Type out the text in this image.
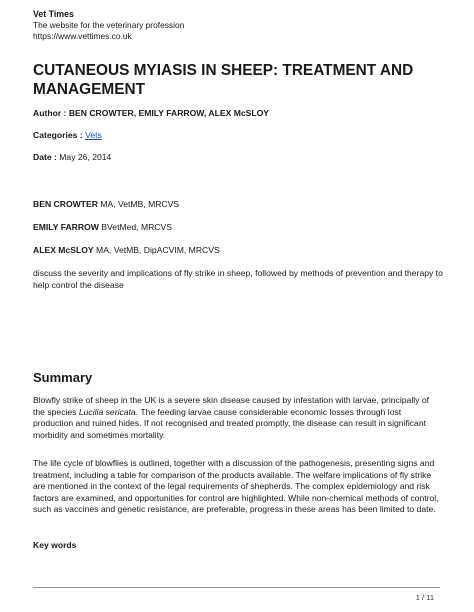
Vet Times
The website for the veterinary profession
https://www.vettimes.co.uk
CUTANEOUS MYIASIS IN SHEEP: TREATMENT AND MANAGEMENT
Author : BEN CROWTER, EMILY FARROW, ALEX McSLOY
Categories : Vets
Date : May 26, 2014
BEN CROWTER MA, VetMB, MRCVS
EMILY FARROW BVetMed, MRCVS
ALEX McSLOY MA, VetMB, DipACVIM, MRCVS

discuss the severity and implications of fly strike in sheep, followed by methods of prevention and therapy to help control the disease

Summary

Blowfly strike of sheep in the UK is a severe skin disease caused by infestation with larvae, principally of the species Lucilia sericata. The feeding larvae cause considerable economic losses through lost production and ruined hides. If not recognised and treated promptly, the disease can result in significant morbidity and sometimes mortality.

The life cycle of blowflies is outlined, together with a discussion of the pathogenesis, presenting signs and treatment, including a table for comparison of the products available. The welfare implications of fly strike are mentioned in the context of the legal requirements of shepherds. The complex epidemiology and risk factors are examined, and opportunities for control are highlighted. While non-chemical methods of control, such as vaccines and genetic resistance, are preferable, progress in these areas has been limited to date.

Key words
1 / 11
